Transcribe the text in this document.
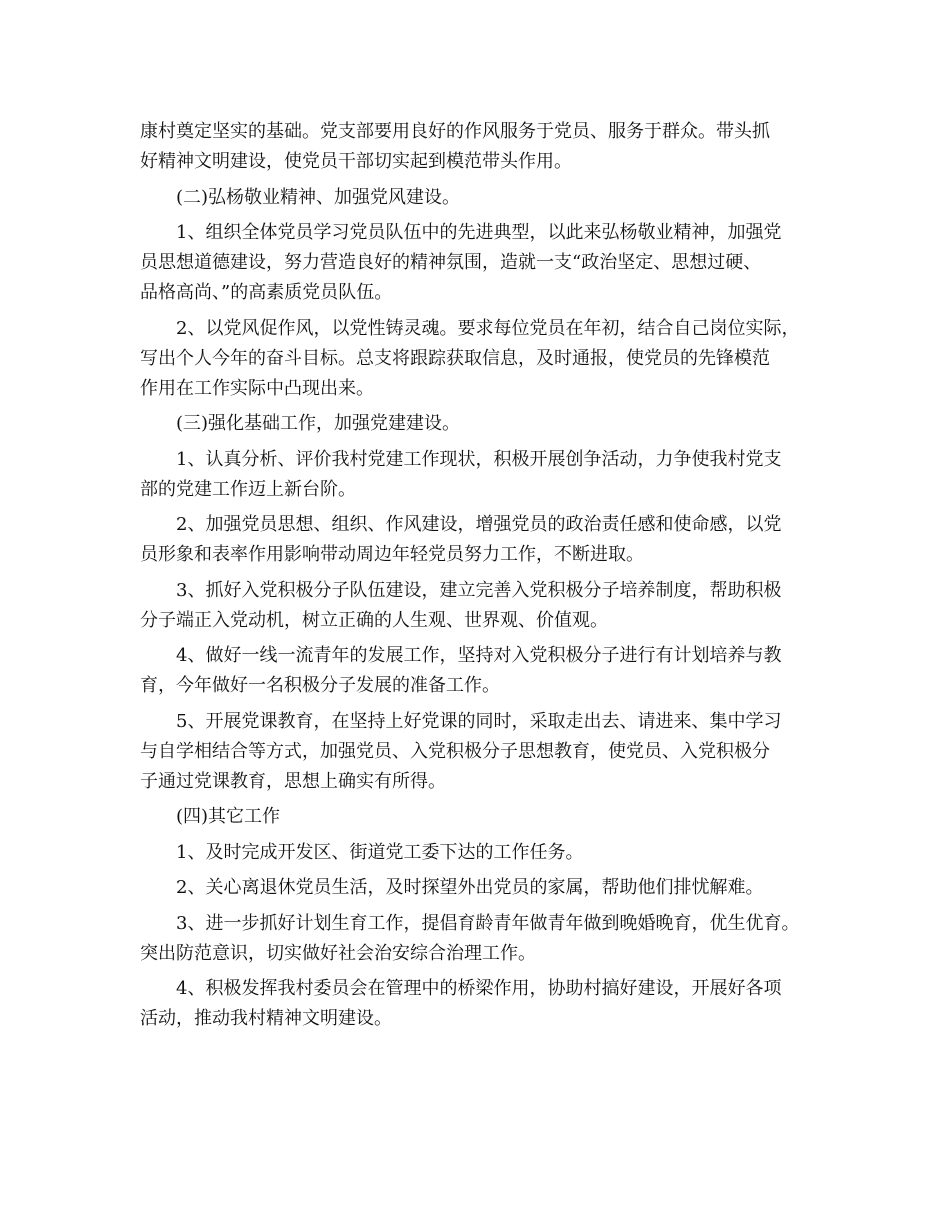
康村奠定坚实的基础。党支部要用良好的作风服务于党员、服务于群众。带头抓

好精神文明建设，使党员干部切实起到模范带头作用。

　　(二)弘杨敬业精神、加强党风建设。

　　1、组织全体党员学习党员队伍中的先进典型，以此来弘杨敬业精神，加强党

员思想道德建设，努力营造良好的精神氛围，造就一支“政治坚定、思想过硬、

品格高尚、”的高素质党员队伍。

　　2、以党风促作风，以党性铸灵魂。要求每位党员在年初，结合自己岗位实际，

写出个人今年的奋斗目标。总支将跟踪获取信息，及时通报，使党员的先锋模范

作用在工作实际中凸现出来。

　　(三)强化基础工作，加强党建建设。

　　1、认真分析、评价我村党建工作现状，积极开展创争活动，力争使我村党支

部的党建工作迈上新台阶。

　　2、加强党员思想、组织、作风建设，增强党员的政治责任感和使命感，以党

员形象和表率作用影响带动周边年轻党员努力工作，不断进取。

　　3、抓好入党积极分子队伍建设，建立完善入党积极分子培养制度，帮助积极

分子端正入党动机，树立正确的人生观、世界观、价值观。

　　4、做好一线一流青年的发展工作，坚持对入党积极分子进行有计划培养与教

育，今年做好一名积极分子发展的准备工作。

　　5、开展党课教育，在坚持上好党课的同时，采取走出去、请进来、集中学习

与自学相结合等方式，加强党员、入党积极分子思想教育，使党员、入党积极分

子通过党课教育，思想上确实有所得。

　　(四)其它工作

　　1、及时完成开发区、街道党工委下达的工作任务。

　　2、关心离退休党员生活，及时探望外出党员的家属，帮助他们排忧解难。

　　3、进一步抓好计划生育工作，提倡育龄青年做青年做到晚婚晚育，优生优育。

突出防范意识，切实做好社会治安综合治理工作。

　　4、积极发挥我村委员会在管理中的桥梁作用，协助村搞好建设，开展好各项

活动，推动我村精神文明建设。
